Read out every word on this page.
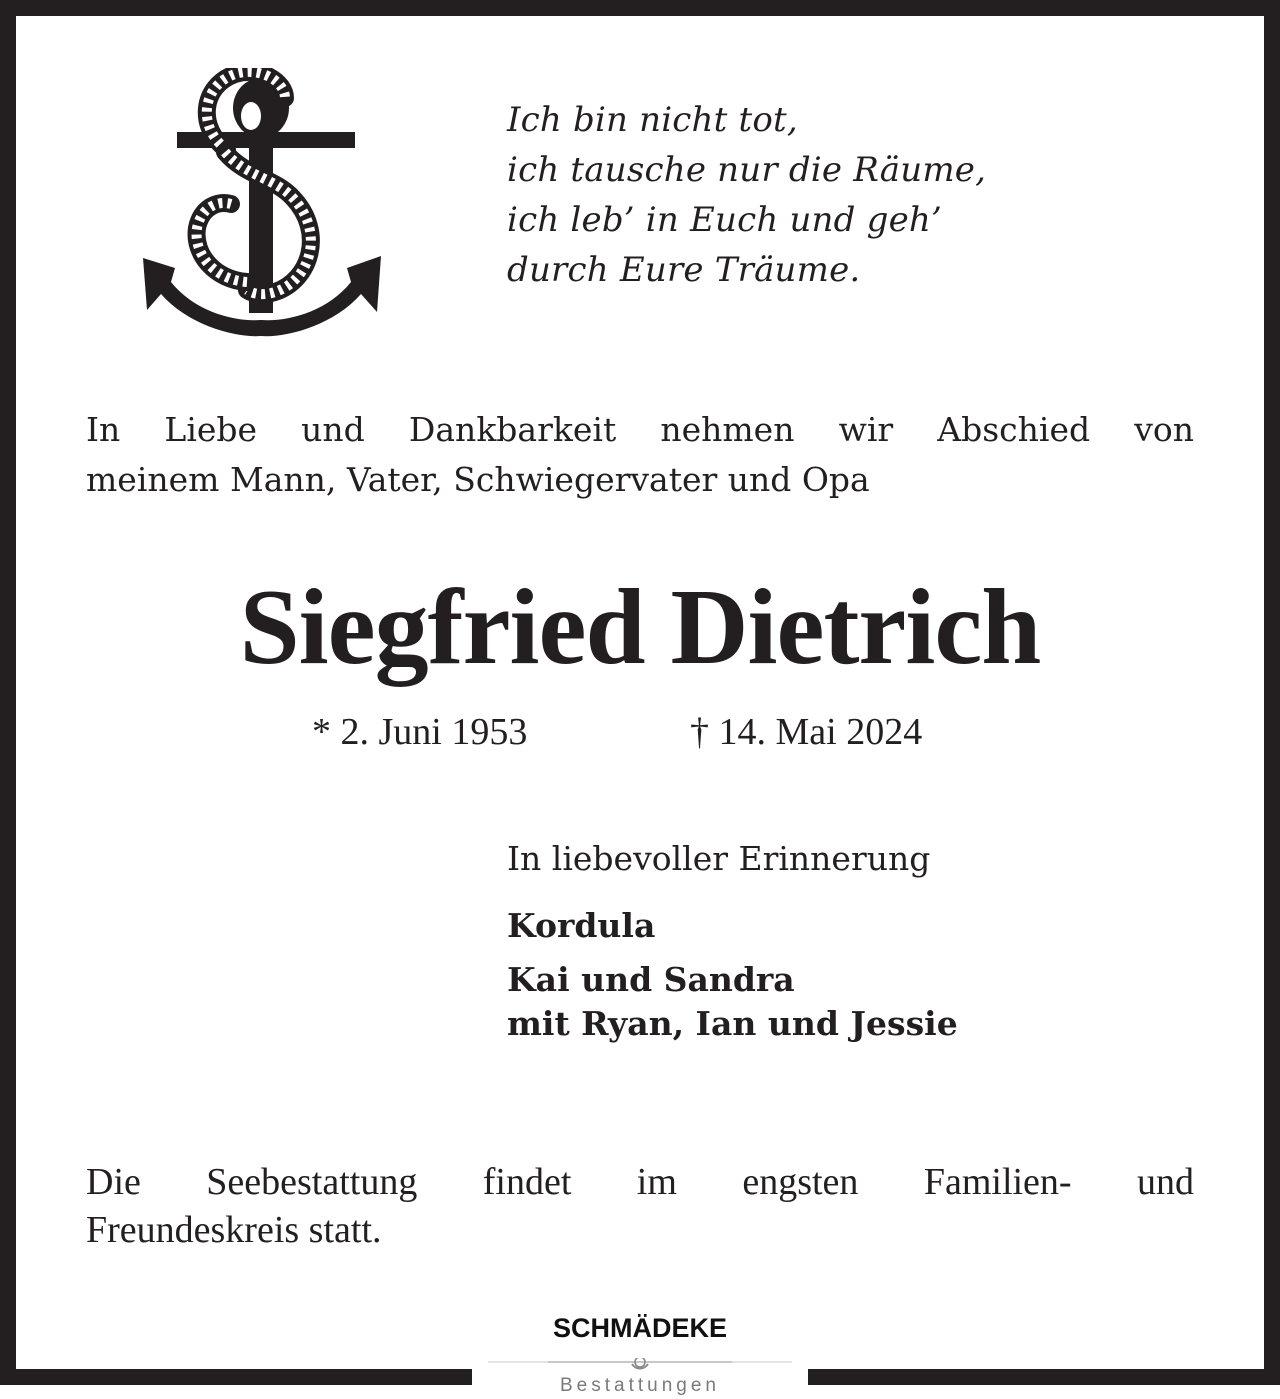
Ich bin nicht tot,
ich tausche nur die Räume,
ich leb’ in Euch und geh’
durch Eure Träume.
In Liebe und Dankbarkeit nehmen wir Abschied von
meinem Mann, Vater, Schwiegervater und Opa
Siegfried Dietrich
* 2. Juni 1953	† 14. Mai 2024
In liebevoller Erinnerung
Kordula
Kai und Sandra
mit Ryan, Ian und Jessie
Die Seebestattung findet im engsten Familien- und
Freundeskreis statt.
SCHMÄDEKE
Bestattungen
